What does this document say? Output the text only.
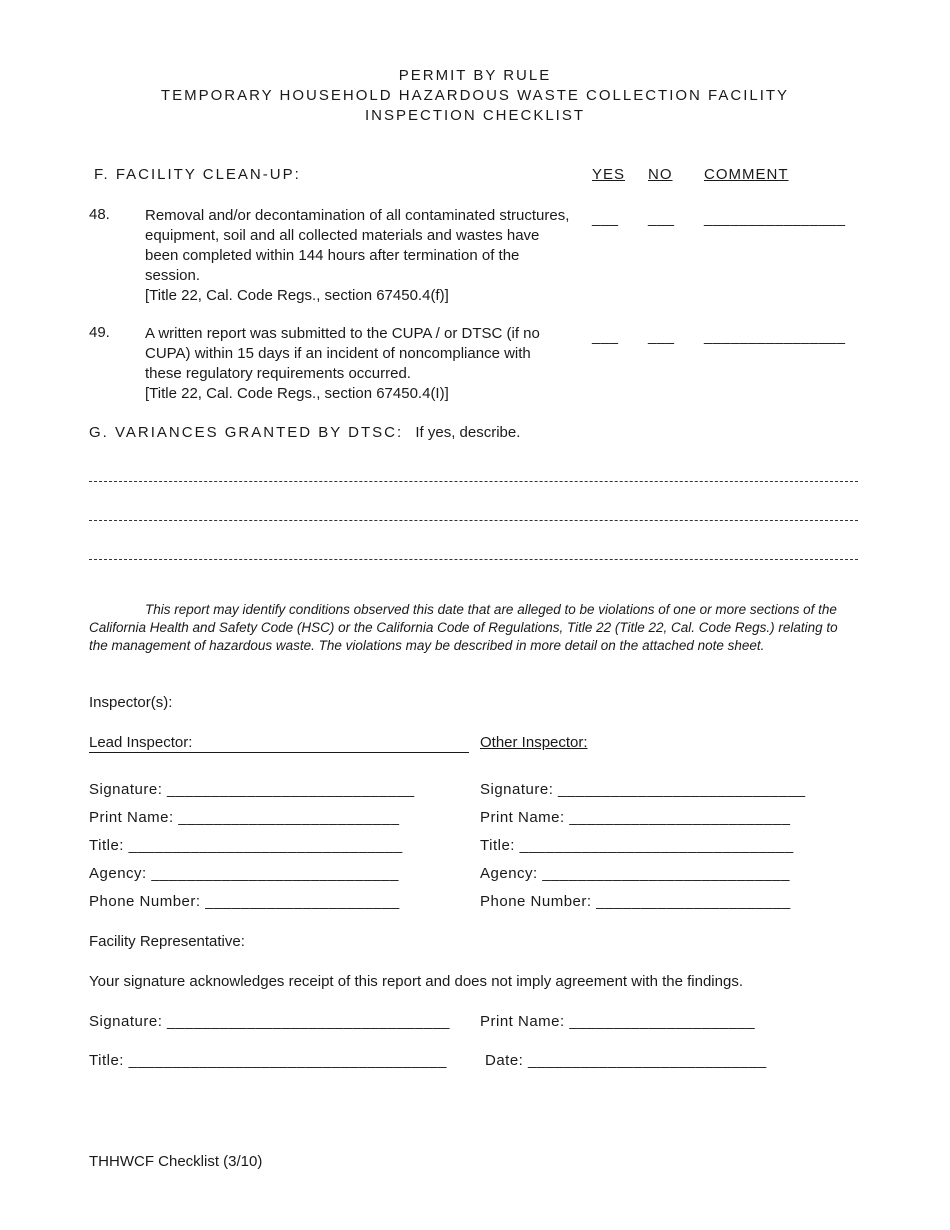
PERMIT BY RULE
TEMPORARY HOUSEHOLD HAZARDOUS WASTE COLLECTION FACILITY
INSPECTION CHECKLIST
F. FACILITY CLEAN-UP:	YES NO COMMENT
48.	Removal and/or decontamination of all contaminated structures, equipment, soil and all collected materials and wastes have been completed within 144 hours after termination of the session.
[Title 22, Cal. Code Regs., section 67450.4(f)]
___ ___ ________________
49.	A written report was submitted to the CUPA / or DTSC (if no CUPA) within 15 days if an incident of noncompliance with these regulatory requirements occurred.
[Title 22, Cal. Code Regs., section 67450.4(I)]
___ ___ ________________
G. VARIANCES GRANTED BY DTSC: If yes, describe.
This report may identify conditions observed this date that are alleged to be violations of one or more sections of the California Health and Safety Code (HSC) or the California Code of Regulations, Title 22 (Title 22, Cal. Code Regs.) relating to the management of hazardous waste. The violations may be described in more detail on the attached note sheet.
Inspector(s):
Lead Inspector:	Other Inspector:
Signature: ____________________________
Print Name: _________________________
Title: _______________________________
Agency: ____________________________
Phone Number: ______________________
Signature: ____________________________
Print Name: _________________________
Title: _______________________________
Agency: ____________________________
Phone Number: ______________________
Facility Representative:
Your signature acknowledges receipt of this report and does not imply agreement with the findings.
Signature: ________________________________ Print Name: _____________________
Title: ____________________________________	Date: ___________________________
THHWCF Checklist (3/10)
